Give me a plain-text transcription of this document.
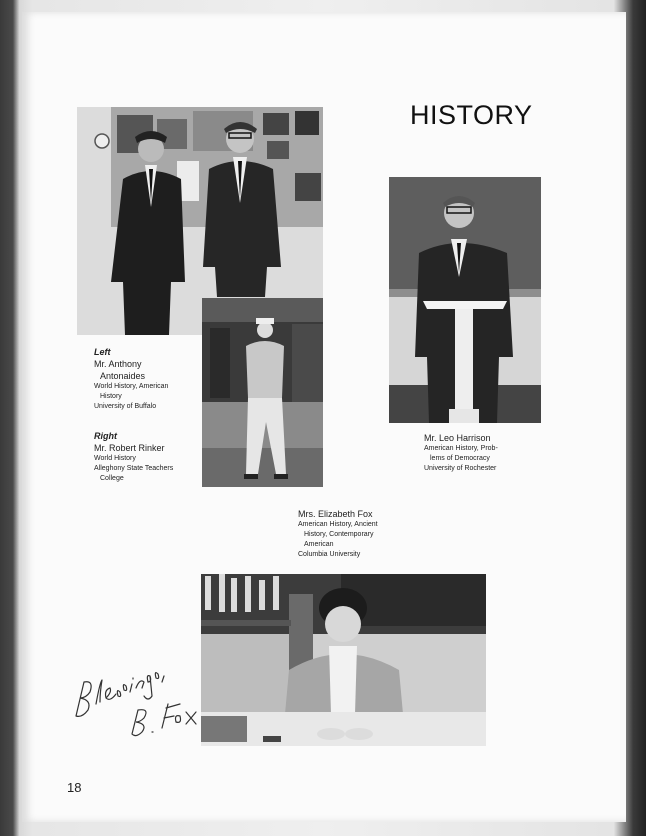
HISTORY
Left
Mr. Anthony
Antonaides
World History, American
History
University of Buffalo
Right
Mr. Robert Rinker
World History
Alleghony State Teachers
College
Mr. Leo Harrison
American History, Prob-
lems of Democracy
University of Rochester
Mrs. Elizabeth Fox
American History, Ancient
History, Contemporary
American
Columbia University
18
